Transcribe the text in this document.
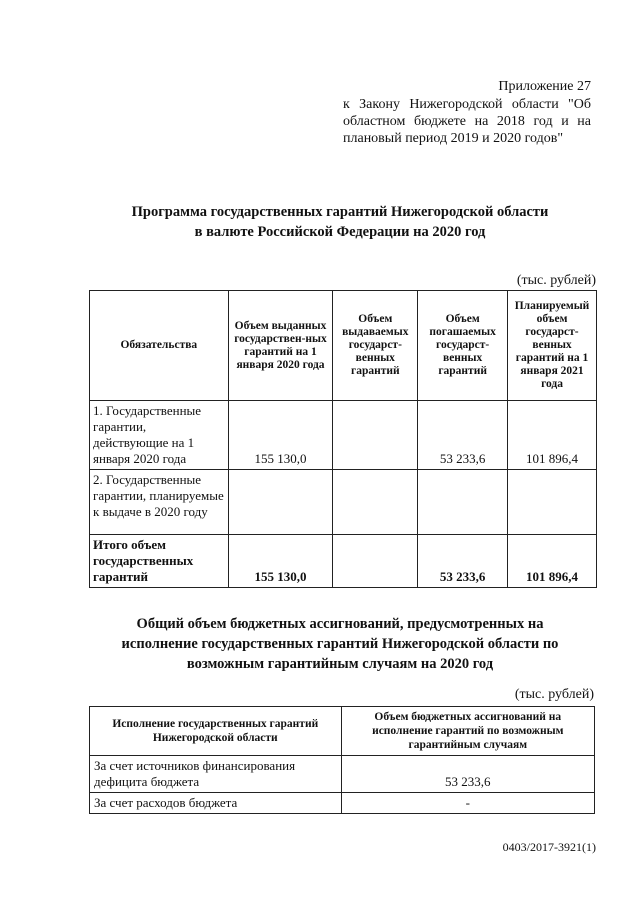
Приложение 27
к Закону Нижегородской области "Об областном бюджете на 2018 год и на плановый период 2019 и 2020 годов"
Программа государственных гарантий Нижегородской области
в валюте Российской Федерации на 2020 год
(тыс. рублей)
Обязательства	Объем выданных государствен-ных гарантий на 1 января 2020 года	Объем выдаваемых государст-венных гарантий	Объем погашаемых государст-венных гарантий	Планируемый объем государст-венных гарантий на 1 января 2021 года
1. Государственные гарантии, действующие на 1 января 2020 года	155 130,0		53 233,6	101 896,4
2. Государственные гарантии, планируемые к выдаче в 2020 году				
Итого объем государственных гарантий	155 130,0		53 233,6	101 896,4
Общий объем бюджетных ассигнований, предусмотренных на
исполнение государственных гарантий Нижегородской области по
возможным гарантийным случаям на 2020 год
(тыс. рублей)
Исполнение государственных гарантий Нижегородской области	Объем бюджетных ассигнований на исполнение гарантий по возможным гарантийным случаям
За счет источников финансирования дефицита бюджета	53 233,6
За счет расходов бюджета	-
0403/2017-3921(1)
